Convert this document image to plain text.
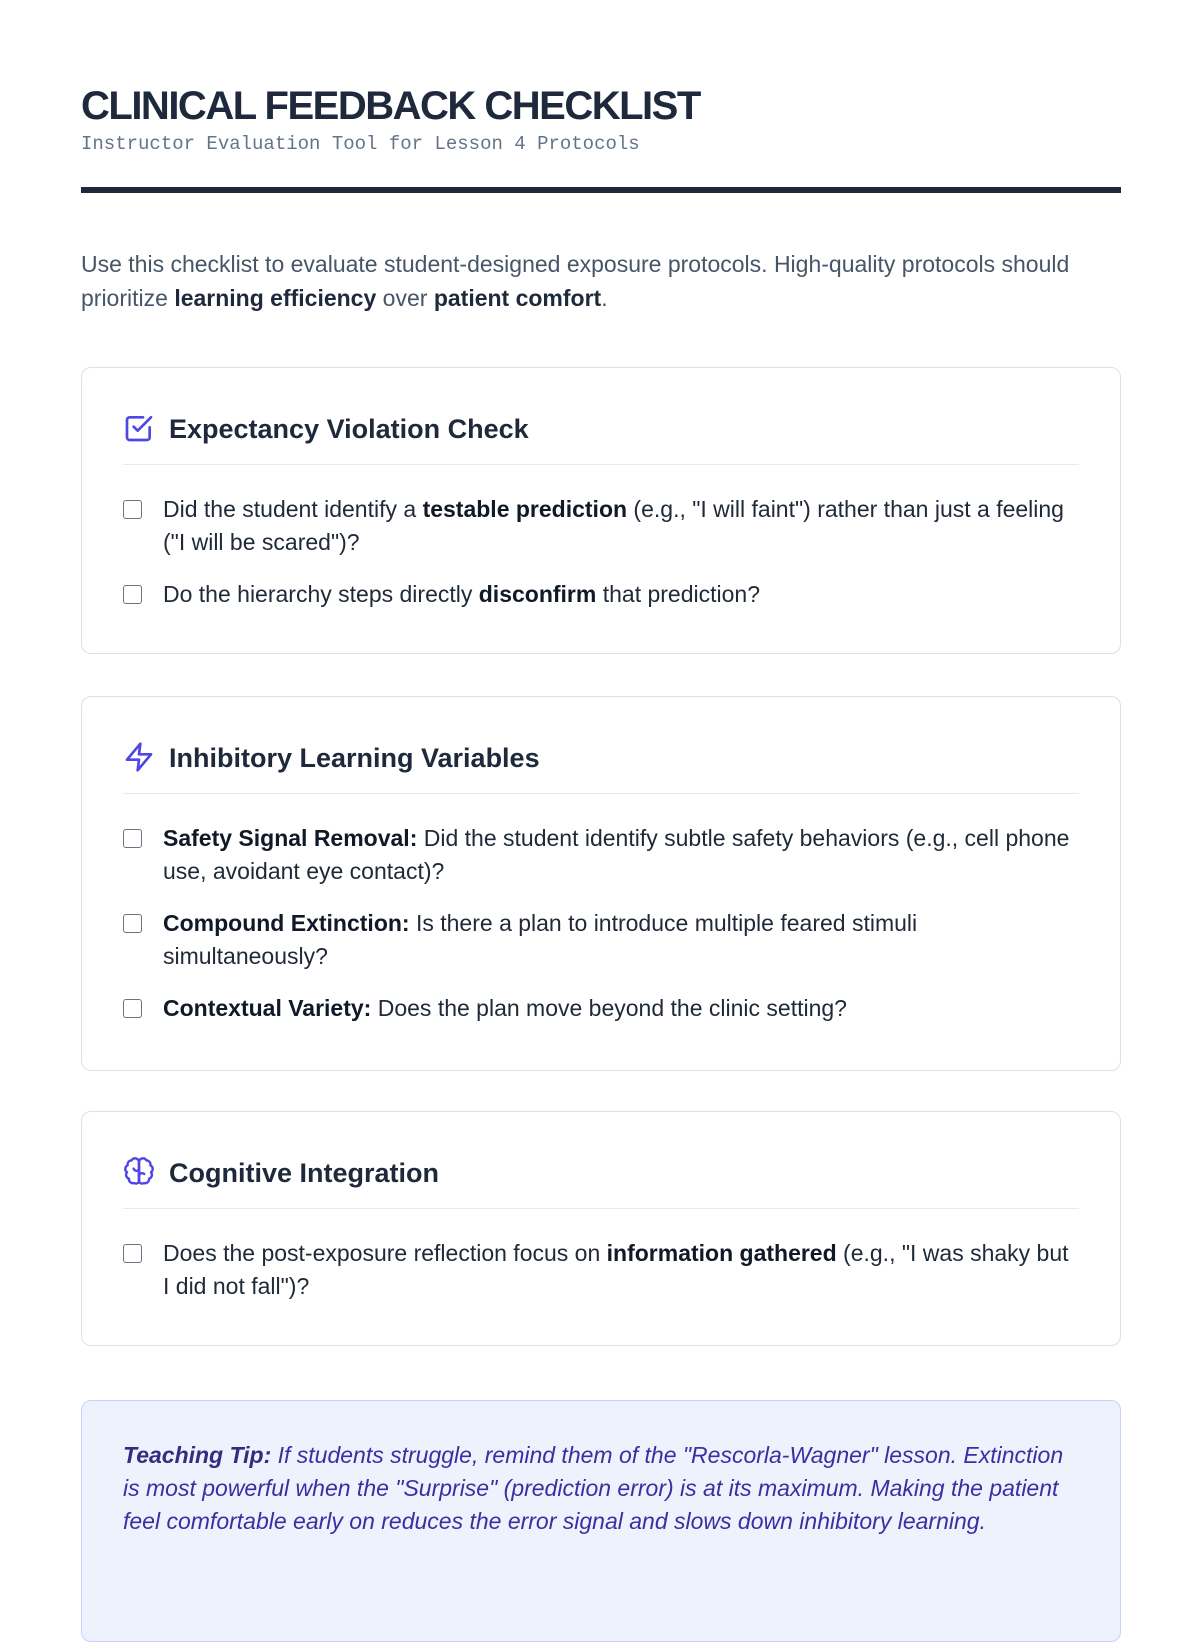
CLINICAL FEEDBACK CHECKLIST
Instructor Evaluation Tool for Lesson 4 Protocols

Use this checklist to evaluate student-designed exposure protocols. High-quality protocols should prioritize learning efficiency over patient comfort.

Expectancy Violation Check
Did the student identify a testable prediction (e.g., "I will faint") rather than just a feeling ("I will be scared")?
Do the hierarchy steps directly disconfirm that prediction?
Inhibitory Learning Variables
Safety Signal Removal: Did the student identify subtle safety behaviors (e.g., cell phone use, avoidant eye contact)?
Compound Extinction: Is there a plan to introduce multiple feared stimuli simultaneously?
Contextual Variety: Does the plan move beyond the clinic setting?
Cognitive Integration
Does the post-exposure reflection focus on information gathered (e.g., "I was shaky but I did not fall")?

Teaching Tip: If students struggle, remind them of the "Rescorla-Wagner" lesson. Extinction is most powerful when the "Surprise" (prediction error) is at its maximum. Making the patient feel comfortable early on reduces the error signal and slows down inhibitory learning.
